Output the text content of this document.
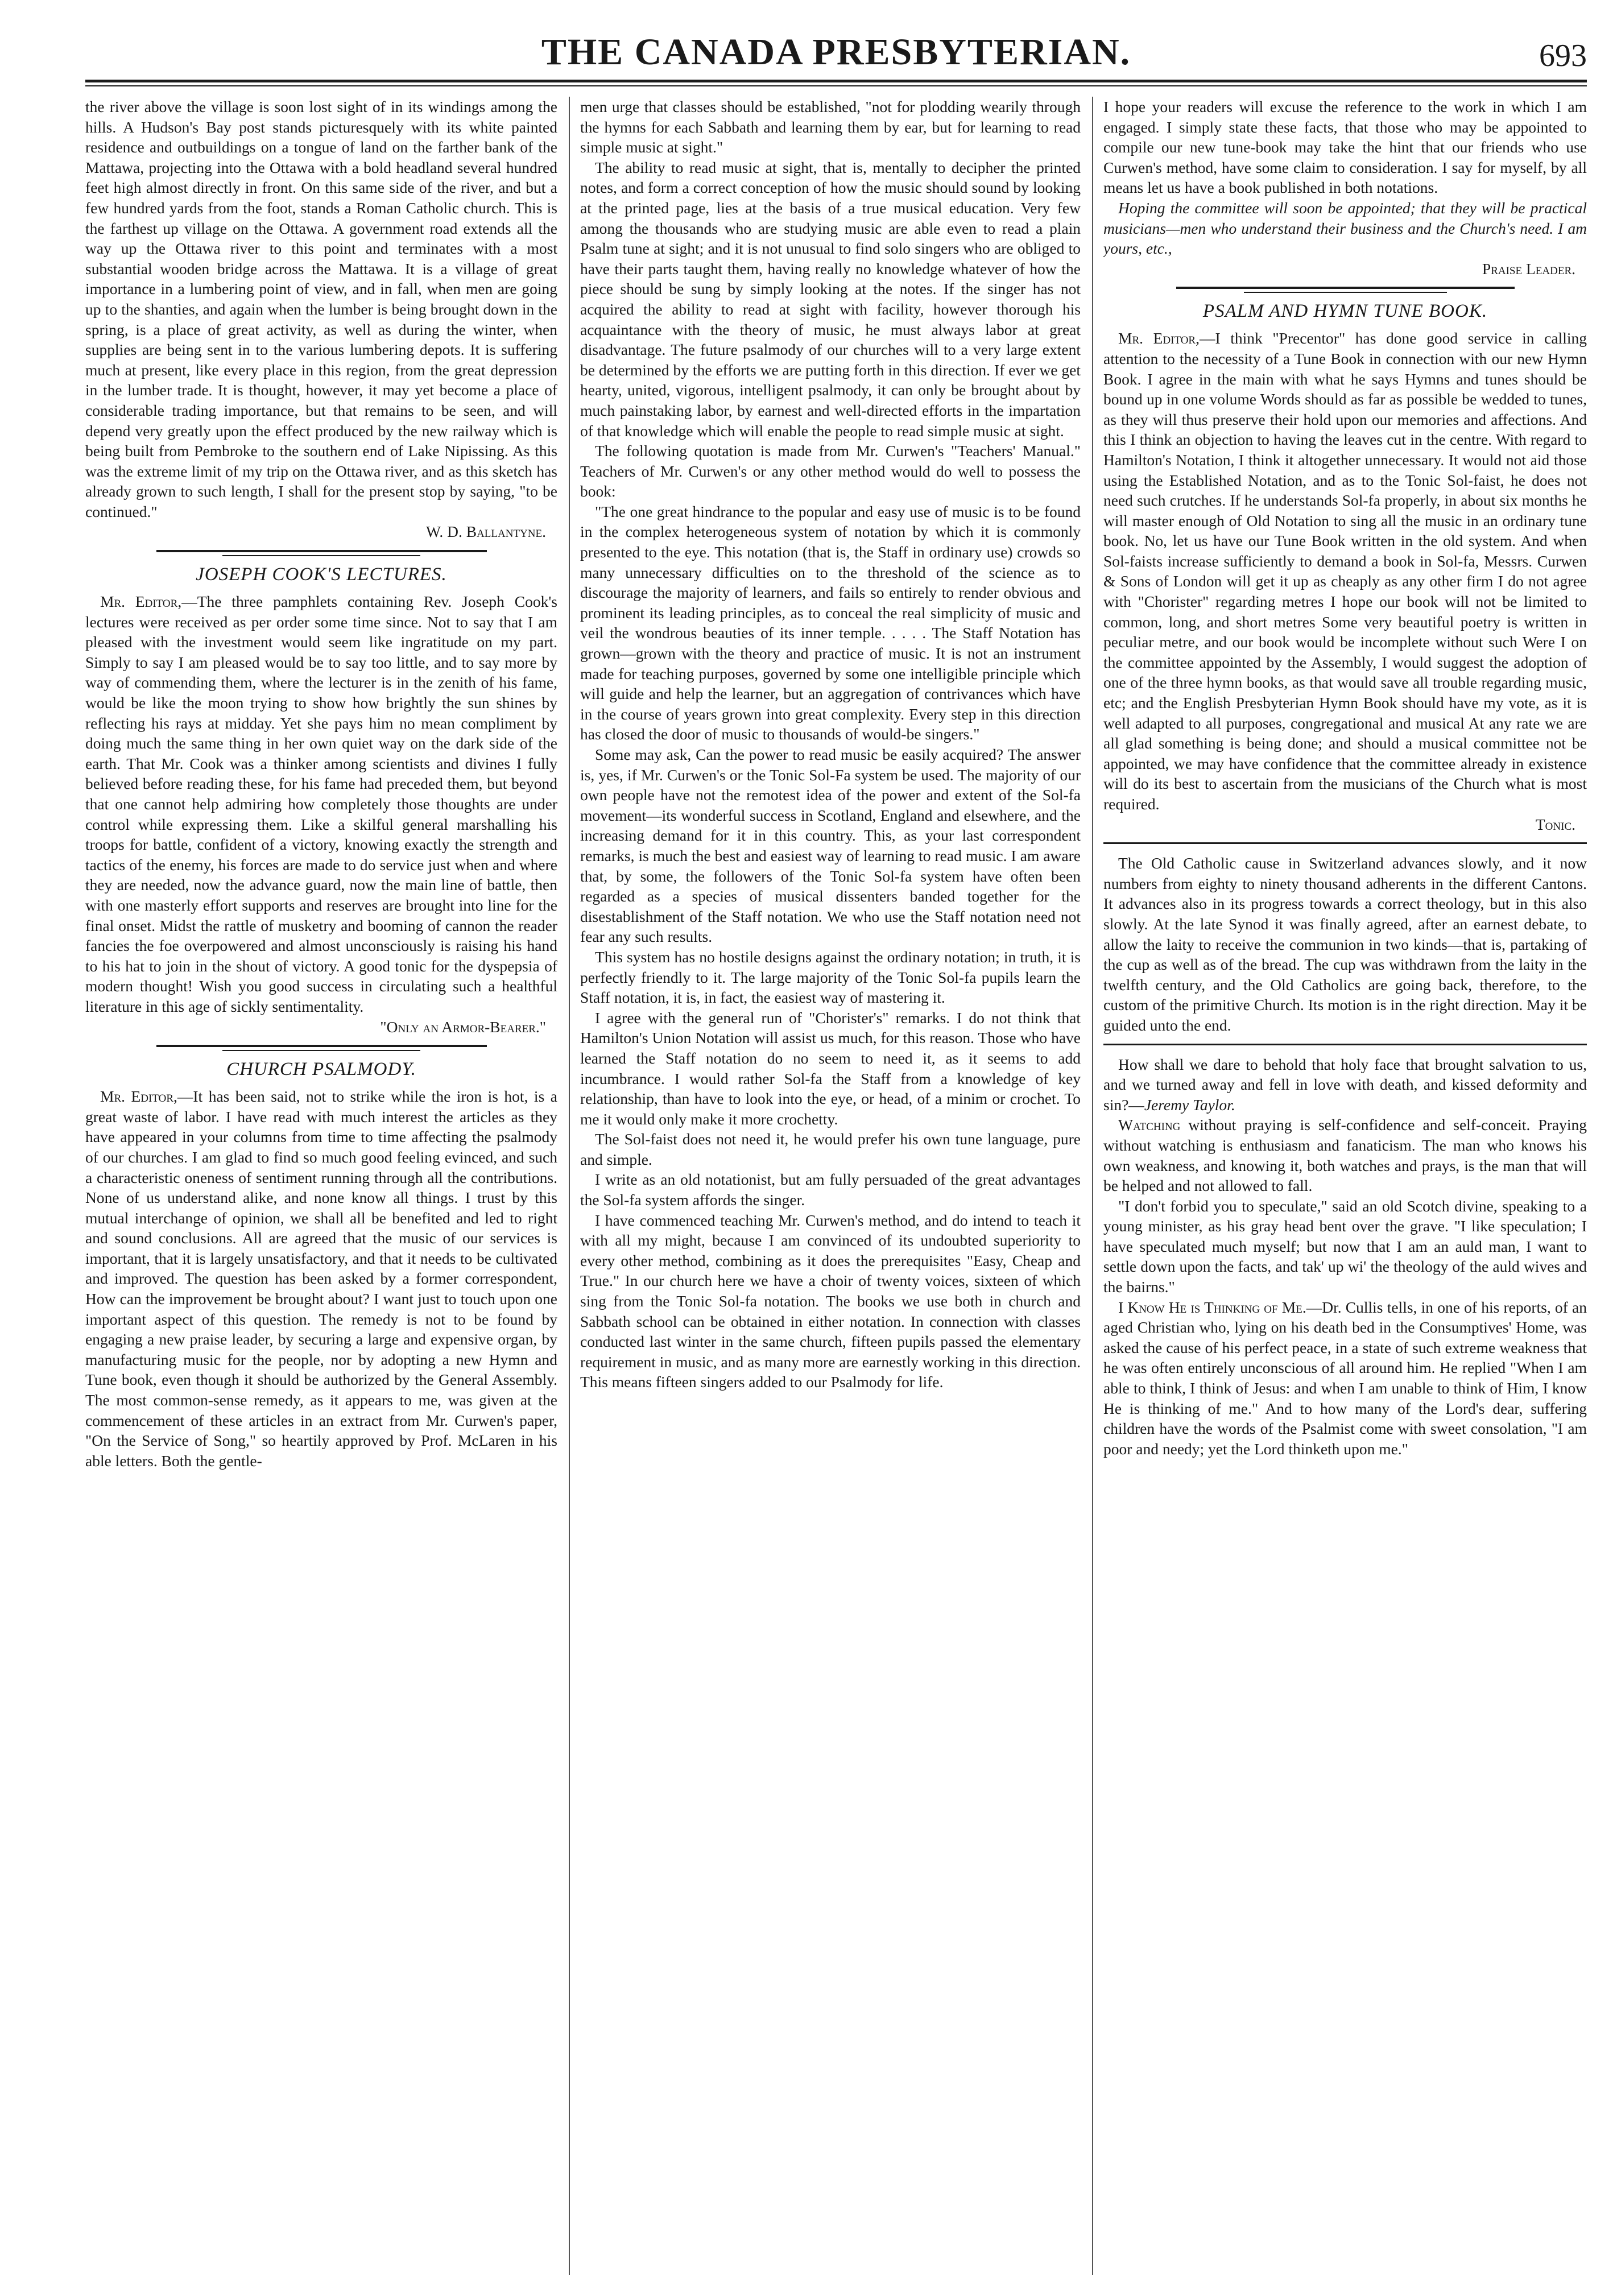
THE CANADA PRESBYTERIAN.	693

the river above the village is soon lost sight of in its windings among the hills. A Hudson's Bay post stands picturesquely with its white painted residence and outbuildings on a tongue of land on the farther bank of the Mattawa, projecting into the Ottawa with a bold headland several hundred feet high almost directly in front. On this same side of the river, and but a few hundred yards from the foot, stands a Roman Catholic church. This is the farthest up village on the Ottawa. A government road extends all the way up the Ottawa river to this point and terminates with a most substantial wooden bridge across the Mattawa. It is a village of great importance in a lumbering point of view, and in fall, when men are going up to the shanties, and again when the lumber is being brought down in the spring, is a place of great activity, as well as during the winter, when supplies are being sent in to the various lumbering depots. It is suffering much at present, like every place in this region, from the great depression in the lumber trade. It is thought, however, it may yet become a place of considerable trading importance, but that remains to be seen, and will depend very greatly upon the effect produced by the new railway which is being built from Pembroke to the southern end of Lake Nipissing. As this was the extreme limit of my trip on the Ottawa river, and as this sketch has already grown to such length, I shall for the present stop by saying, "to be continued."

W. D. Ballantyne.
JOSEPH COOK'S LECTURES.

Mr. Editor,—The three pamphlets containing Rev. Joseph Cook's lectures were received as per order some time since. Not to say that I am pleased with the investment would seem like ingratitude on my part. Simply to say I am pleased would be to say too little, and to say more by way of commending them, where the lecturer is in the zenith of his fame, would be like the moon trying to show how brightly the sun shines by reflecting his rays at midday. Yet she pays him no mean compliment by doing much the same thing in her own quiet way on the dark side of the earth. That Mr. Cook was a thinker among scientists and divines I fully believed before reading these, for his fame had preceded them, but beyond that one cannot help admiring how completely those thoughts are under control while expressing them. Like a skilful general marshalling his troops for battle, confident of a victory, knowing exactly the strength and tactics of the enemy, his forces are made to do service just when and where they are needed, now the advance guard, now the main line of battle, then with one masterly effort supports and reserves are brought into line for the final onset. Midst the rattle of musketry and booming of cannon the reader fancies the foe overpowered and almost unconsciously is raising his hand to his hat to join in the shout of victory. A good tonic for the dyspepsia of modern thought! Wish you good success in circulating such a healthful literature in this age of sickly sentimentality.

"Only an Armor-Bearer."
CHURCH PSALMODY.

Mr. Editor,—It has been said, not to strike while the iron is hot, is a great waste of labor. I have read with much interest the articles as they have appeared in your columns from time to time affecting the psalmody of our churches. I am glad to find so much good feeling evinced, and such a characteristic oneness of sentiment running through all the contributions. None of us understand alike, and none know all things. I trust by this mutual interchange of opinion, we shall all be benefited and led to right and sound conclusions. All are agreed that the music of our services is important, that it is largely unsatisfactory, and that it needs to be cultivated and improved. The question has been asked by a former correspondent, How can the improvement be brought about? I want just to touch upon one important aspect of this question. The remedy is not to be found by engaging a new praise leader, by securing a large and expensive organ, by manufacturing music for the people, nor by adopting a new Hymn and Tune book, even though it should be authorized by the General Assembly. The most common-sense remedy, as it appears to me, was given at the commencement of these articles in an extract from Mr. Curwen's paper, "On the Service of Song," so heartily approved by Prof. McLaren in his able letters. Both the gentle-

men urge that classes should be established, "not for plodding wearily through the hymns for each Sabbath and learning them by ear, but for learning to read simple music at sight."

The ability to read music at sight, that is, mentally to decipher the printed notes, and form a correct conception of how the music should sound by looking at the printed page, lies at the basis of a true musical education. Very few among the thousands who are studying music are able even to read a plain Psalm tune at sight; and it is not unusual to find solo singers who are obliged to have their parts taught them, having really no knowledge whatever of how the piece should be sung by simply looking at the notes. If the singer has not acquired the ability to read at sight with facility, however thorough his acquaintance with the theory of music, he must always labor at great disadvantage. The future psalmody of our churches will to a very large extent be determined by the efforts we are putting forth in this direction. If ever we get hearty, united, vigorous, intelligent psalmody, it can only be brought about by much painstaking labor, by earnest and well-directed efforts in the impartation of that knowledge which will enable the people to read simple music at sight.

The following quotation is made from Mr. Curwen's "Teachers' Manual." Teachers of Mr. Curwen's or any other method would do well to possess the book:

"The one great hindrance to the popular and easy use of music is to be found in the complex heterogeneous system of notation by which it is commonly presented to the eye. This notation (that is, the Staff in ordinary use) crowds so many unnecessary difficulties on to the threshold of the science as to discourage the majority of learners, and fails so entirely to render obvious and prominent its leading principles, as to conceal the real simplicity of music and veil the wondrous beauties of its inner temple. . . . . The Staff Notation has grown—grown with the theory and practice of music. It is not an instrument made for teaching purposes, governed by some one intelligible principle which will guide and help the learner, but an aggregation of contrivances which have in the course of years grown into great complexity. Every step in this direction has closed the door of music to thousands of would-be singers."

Some may ask, Can the power to read music be easily acquired? The answer is, yes, if Mr. Curwen's or the Tonic Sol-Fa system be used. The majority of our own people have not the remotest idea of the power and extent of the Sol-fa movement—its wonderful success in Scotland, England and elsewhere, and the increasing demand for it in this country. This, as your last correspondent remarks, is much the best and easiest way of learning to read music. I am aware that, by some, the followers of the Tonic Sol-fa system have often been regarded as a species of musical dissenters banded together for the disestablishment of the Staff notation. We who use the Staff notation need not fear any such results.

This system has no hostile designs against the ordinary notation; in truth, it is perfectly friendly to it. The large majority of the Tonic Sol-fa pupils learn the Staff notation, it is, in fact, the easiest way of mastering it.

I agree with the general run of "Chorister's" remarks. I do not think that Hamilton's Union Notation will assist us much, for this reason. Those who have learned the Staff notation do no seem to need it, as it seems to add incumbrance. I would rather Sol-fa the Staff from a knowledge of key relationship, than have to look into the eye, or head, of a minim or crochet. To me it would only make it more crochetty.

The Sol-faist does not need it, he would prefer his own tune language, pure and simple.

I write as an old notationist, but am fully persuaded of the great advantages the Sol-fa system affords the singer.

I have commenced teaching Mr. Curwen's method, and do intend to teach it with all my might, because I am convinced of its undoubted superiority to every other method, combining as it does the prerequisites "Easy, Cheap and True." In our church here we have a choir of twenty voices, sixteen of which sing from the Tonic Sol-fa notation. The books we use both in church and Sabbath school can be obtained in either notation. In connection with classes conducted last winter in the same church, fifteen pupils passed the elementary requirement in music, and as many more are earnestly working in this direction. This means fifteen singers added to our Psalmody for life.

I hope your readers will excuse the reference to the work in which I am engaged. I simply state these facts, that those who may be appointed to compile our new tune-book may take the hint that our friends who use Curwen's method, have some claim to consideration. I say for myself, by all means let us have a book published in both notations.

Hoping the committee will soon be appointed; that they will be practical musicians—men who understand their business and the Church's need. I am yours, etc.,

Praise Leader.
PSALM AND HYMN TUNE BOOK.

Mr. Editor,—I think "Precentor" has done good service in calling attention to the necessity of a Tune Book in connection with our new Hymn Book. I agree in the main with what he says Hymns and tunes should be bound up in one volume Words should as far as possible be wedded to tunes, as they will thus preserve their hold upon our memories and affections. And this I think an objection to having the leaves cut in the centre. With regard to Hamilton's Notation, I think it altogether unnecessary. It would not aid those using the Established Notation, and as to the Tonic Sol-faist, he does not need such crutches. If he understands Sol-fa properly, in about six months he will master enough of Old Notation to sing all the music in an ordinary tune book. No, let us have our Tune Book written in the old system. And when Sol-faists increase sufficiently to demand a book in Sol-fa, Messrs. Curwen & Sons of London will get it up as cheaply as any other firm I do not agree with "Chorister" regarding metres I hope our book will not be limited to common, long, and short metres Some very beautiful poetry is written in peculiar metre, and our book would be incomplete without such Were I on the committee appointed by the Assembly, I would suggest the adoption of one of the three hymn books, as that would save all trouble regarding music, etc; and the English Presbyterian Hymn Book should have my vote, as it is well adapted to all purposes, congregational and musical At any rate we are all glad something is being done; and should a musical committee not be appointed, we may have confidence that the committee already in existence will do its best to ascertain from the musicians of the Church what is most required.

Tonic.

The Old Catholic cause in Switzerland advances slowly, and it now numbers from eighty to ninety thousand adherents in the different Cantons. It advances also in its progress towards a correct theology, but in this also slowly. At the late Synod it was finally agreed, after an earnest debate, to allow the laity to receive the communion in two kinds—that is, partaking of the cup as well as of the bread. The cup was withdrawn from the laity in the twelfth century, and the Old Catholics are going back, therefore, to the custom of the primitive Church. Its motion is in the right direction. May it be guided unto the end.

How shall we dare to behold that holy face that brought salvation to us, and we turned away and fell in love with death, and kissed deformity and sin?—Jeremy Taylor.

Watching without praying is self-confidence and self-conceit. Praying without watching is enthusiasm and fanaticism. The man who knows his own weakness, and knowing it, both watches and prays, is the man that will be helped and not allowed to fall.

"I don't forbid you to speculate," said an old Scotch divine, speaking to a young minister, as his gray head bent over the grave. "I like speculation; I have speculated much myself; but now that I am an auld man, I want to settle down upon the facts, and tak' up wi' the theology of the auld wives and the bairns."

I Know He is Thinking of Me.—Dr. Cullis tells, in one of his reports, of an aged Christian who, lying on his death bed in the Consumptives' Home, was asked the cause of his perfect peace, in a state of such extreme weakness that he was often entirely unconscious of all around him. He replied "When I am able to think, I think of Jesus: and when I am unable to think of Him, I know He is thinking of me." And to how many of the Lord's dear, suffering children have the words of the Psalmist come with sweet consolation, "I am poor and needy; yet the Lord thinketh upon me."
